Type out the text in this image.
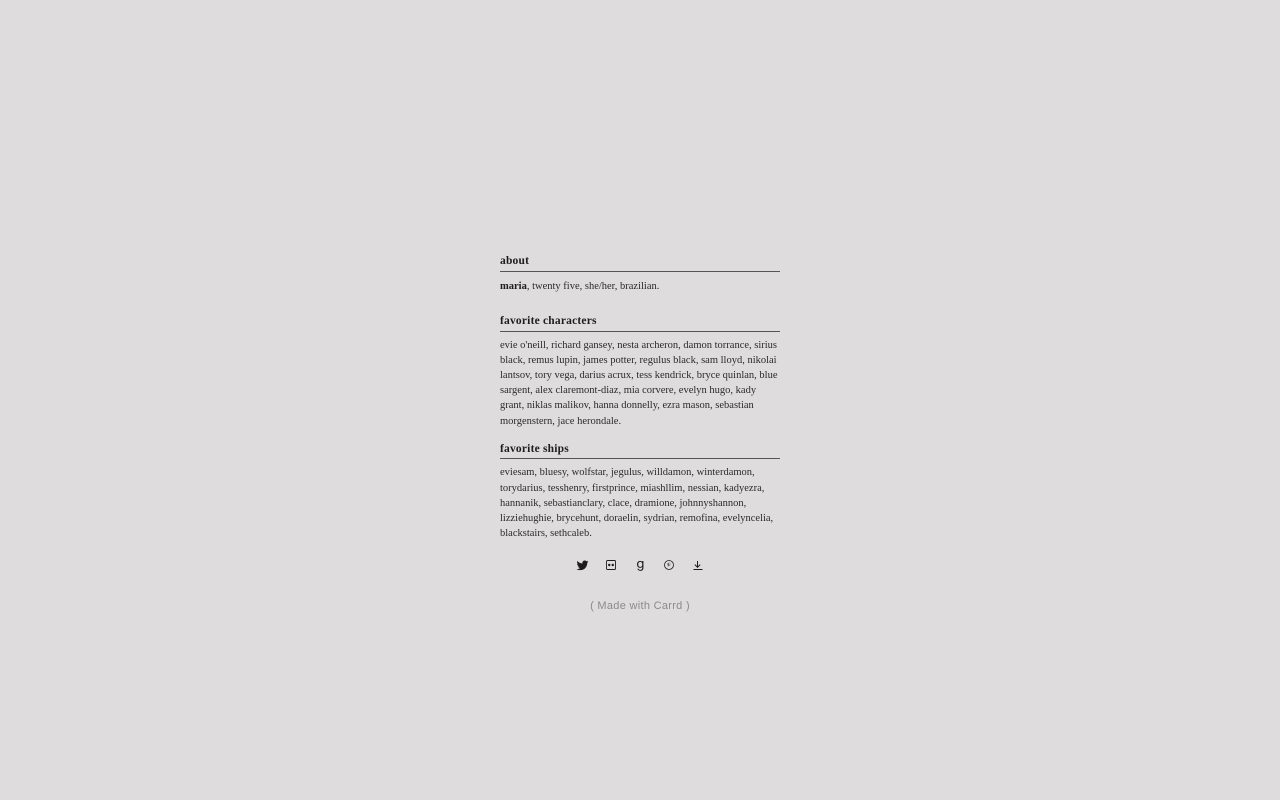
about

maria, twenty five, she/her, brazilian.

favorite characters

evie o'neill, richard gansey, nesta archeron, damon torrance, sirius black, remus lupin, james potter, regulus black, sam lloyd, nikolai lantsov, tory vega, darius acrux, tess kendrick, bryce quinlan, blue sargent, alex claremont-diaz, mia corvere, evelyn hugo, kady grant, niklas malikov, hanna donnelly, ezra mason, sebastian morgenstern, jace herondale.

favorite ships

eviesam, bluesy, wolfstar, jegulus, willdamon, winterdamon, torydarius, tesshenry, firstprince, miashllim, nessian, kadyezra, hannanik, sebastianclary, clace, dramione, johnnyshannon, lizziehughie, brycehunt, doraelin, sydrian, remofina, evelyncelia, blackstairs, sethcaleb.

( Made with Carrd )
